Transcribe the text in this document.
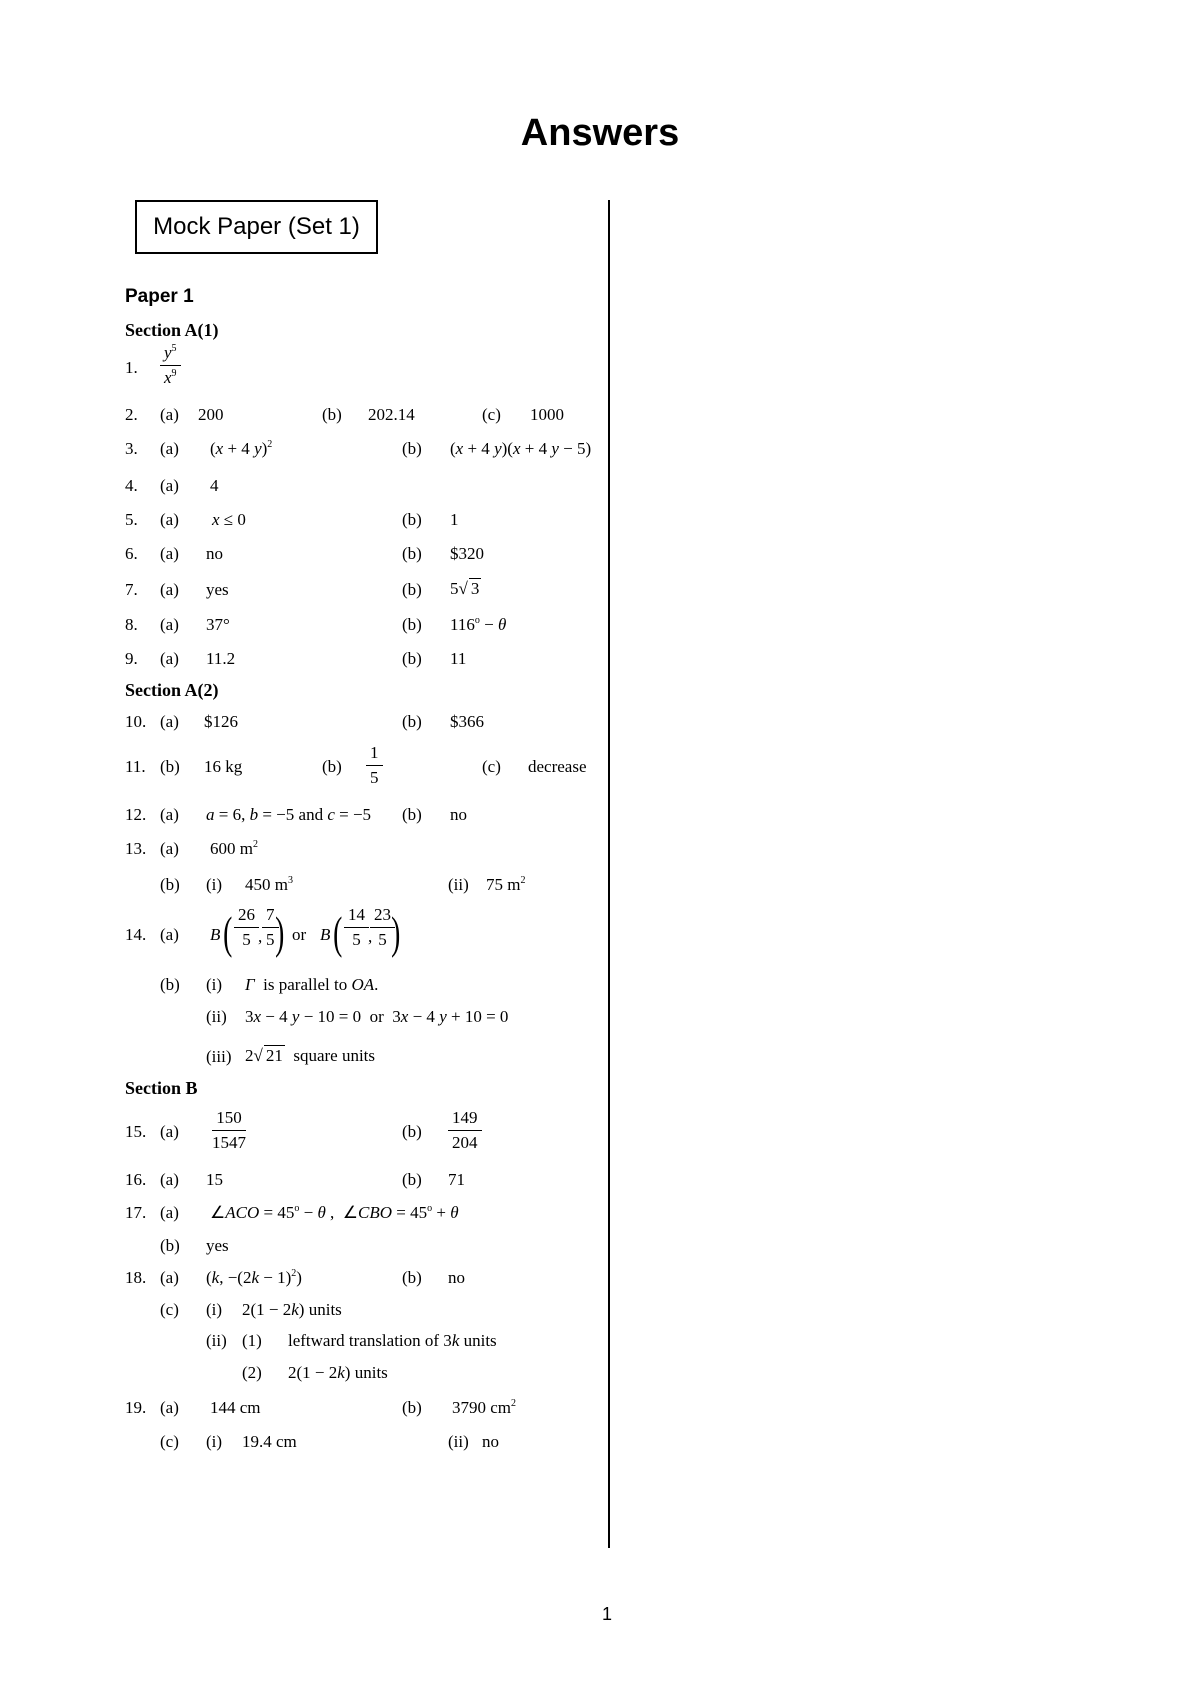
Answers
Mock Paper (Set 1)
Paper 1
Section A(1)
1. $\frac{y^5}{x^9}$
2. (a) 200	(b) 202.14	(c) 1000
3. (a) (x + 4 y)$^2$	(b) (x + 4 y)(x + 4 y − 5)
4. (a) 4
5. (a) x ≤ 0	(b) 1
6. (a) no	(b) $320
7. (a) yes	(b) 5√ 3
8. (a) 37°	(b) $116^o - \theta$
9. (a) 11.2	(b) 11
Section A(2)
10. (a) $126	(b) $366
11. (b) 16 kg	$(b) \frac{1}{5}$	(c) decrease
12. (a) a = 6, b = −5 and c = −5 (b) no
13. (a) 600 $m^2$
(b) (i) 450 $m^3$	(ii) 75 $m^2$
14. (a) B ( $\frac{26}{5}$ , $\frac{7}{5}$
) or B ( $\frac{14}{5}$ ,
$\frac{23}{5}$
)
(b) (i) Γ is parallel to OA.
(ii) 3x − 4 y − 10 = 0  or  3x − 4 y + 10 = 0
(iii) 2√ 21 square units
Section B
15. $(a) \frac{150}{1547}$	$(b) \frac{149}{204}$
16. (a) 15	(b) 71
17. (a) ∠ACO = $45^o - \theta$ ,  ∠CBO = $45^o + \theta$
(b) yes
18. (a) (k, $-(2k - 1)^2$)	(b) no
(c) (i) 2(1 − 2k) units
(ii) (1) leftward translation of 3k units
(2) 2(1 − 2k) units
19. (a) 144 cm	(b) 3790 $cm^2$
(c) (i) 19.4 cm	(ii) no
1
